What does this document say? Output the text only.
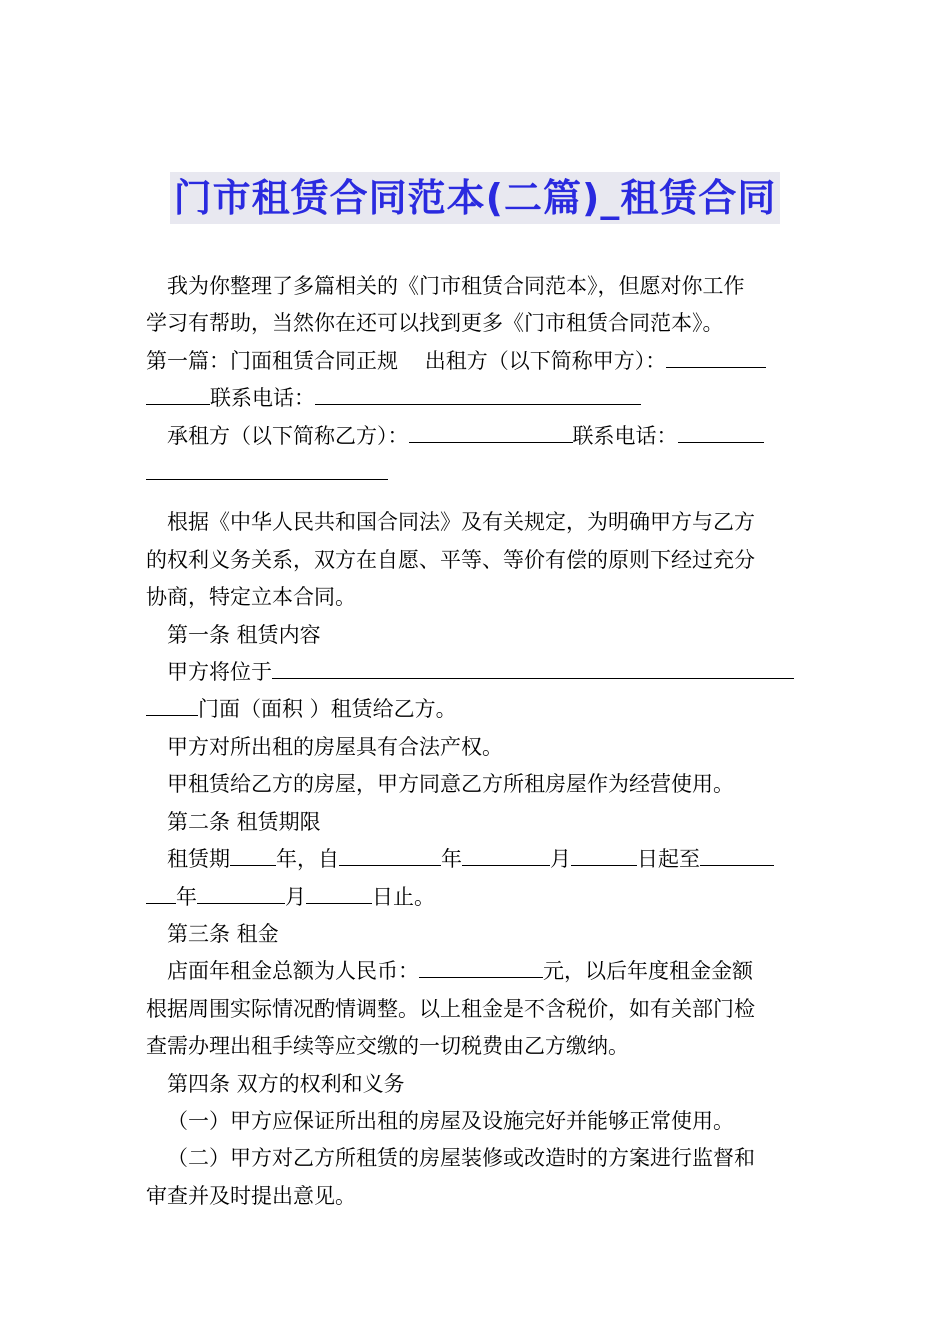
门市租赁合同范本(二篇)_租赁合同

我为你整理了多篇相关的《门市租赁合同范本》，但愿对你工作

学习有帮助，当然你在还可以找到更多《门市租赁合同范本》。

第一篇：门面租赁合同正规 出租方（以下简称甲方）：

联系电话：

承租方（以下简称乙方）：	联系电话：

根据《中华人民共和国合同法》及有关规定，为明确甲方与乙方

的权利义务关系，双方在自愿、平等、等价有偿的原则下经过充分

协商，特定立本合同。

第一条 租赁内容

甲方将位于

门面（面积 ）租赁给乙方。

甲方对所出租的房屋具有合法产权。

甲租赁给乙方的房屋，甲方同意乙方所租房屋作为经营使用。

第二条 租赁期限

租赁期 年，自	年	月	日起至

年	月	日止。

第三条 租金

店面年租金总额为人民币：	元，以后年度租金金额

根据周围实际情况酌情调整。以上租金是不含税价，如有关部门检

查需办理出租手续等应交缴的一切税费由乙方缴纳。

第四条 双方的权利和义务

（一）甲方应保证所出租的房屋及设施完好并能够正常使用。

（二）甲方对乙方所租赁的房屋装修或改造时的方案进行监督和

审查并及时提出意见。
